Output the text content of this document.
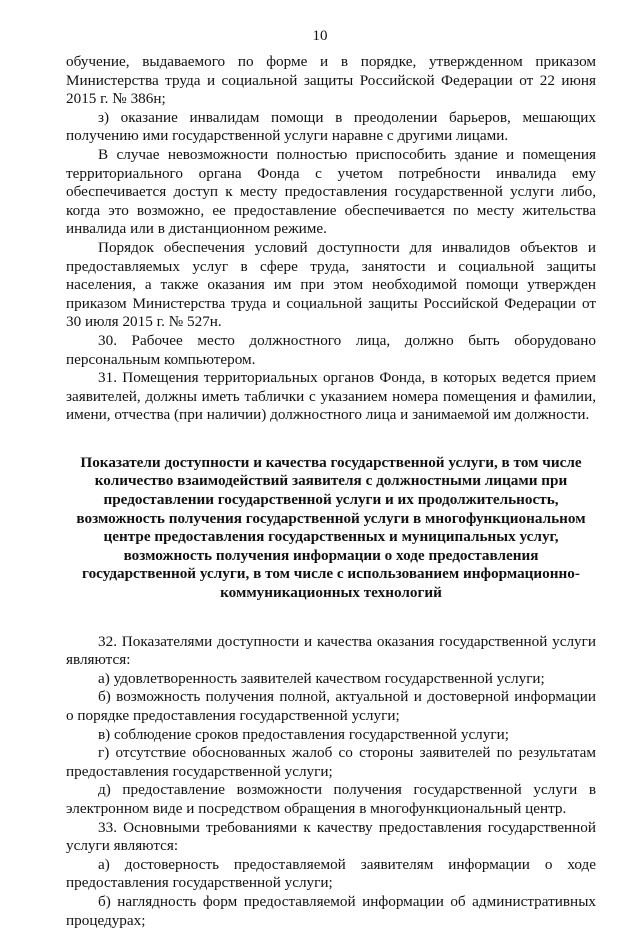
10

обучение, выдаваемого по форме и в порядке, утвержденном приказом Министерства труда и социальной защиты Российской Федерации от 22 июня 2015 г. № 386н;

з) оказание инвалидам помощи в преодолении барьеров, мешающих получению ими государственной услуги наравне с другими лицами.

В случае невозможности полностью приспособить здание и помещения территориального органа Фонда с учетом потребности инвалида ему обеспечивается доступ к месту предоставления государственной услуги либо, когда это возможно, ее предоставление обеспечивается по месту жительства инвалида или в дистанционном режиме.

Порядок обеспечения условий доступности для инвалидов объектов и предоставляемых услуг в сфере труда, занятости и социальной защиты населения, а также оказания им при этом необходимой помощи утвержден приказом Министерства труда и социальной защиты Российской Федерации от 30 июля 2015 г. № 527н.

30. Рабочее место должностного лица, должно быть оборудовано персональным компьютером.

31. Помещения территориальных органов Фонда, в которых ведется прием заявителей, должны иметь таблички с указанием номера помещения и фамилии, имени, отчества (при наличии) должностного лица и занимаемой им должности.

Показатели доступности и качества государственной услуги, в том числе количество взаимодействий заявителя с должностными лицами при предоставлении государственной услуги и их продолжительность, возможность получения государственной услуги в многофункциональном центре предоставления государственных и муниципальных услуг, возможность получения информации о ходе предоставления государственной услуги, в том числе с использованием информационно-коммуникационных технологий

32. Показателями доступности и качества оказания государственной услуги являются:

а) удовлетворенность заявителей качеством государственной услуги;

б) возможность получения полной, актуальной и достоверной информации о порядке предоставления государственной услуги;

в) соблюдение сроков предоставления государственной услуги;

г) отсутствие обоснованных жалоб со стороны заявителей по результатам предоставления государственной услуги;

д) предоставление возможности получения государственной услуги в электронном виде и посредством обращения в многофункциональный центр.

33. Основными требованиями к качеству предоставления государственной услуги являются:

а) достоверность предоставляемой заявителям информации о ходе предоставления государственной услуги;

б) наглядность форм предоставляемой информации об административных процедурах;
